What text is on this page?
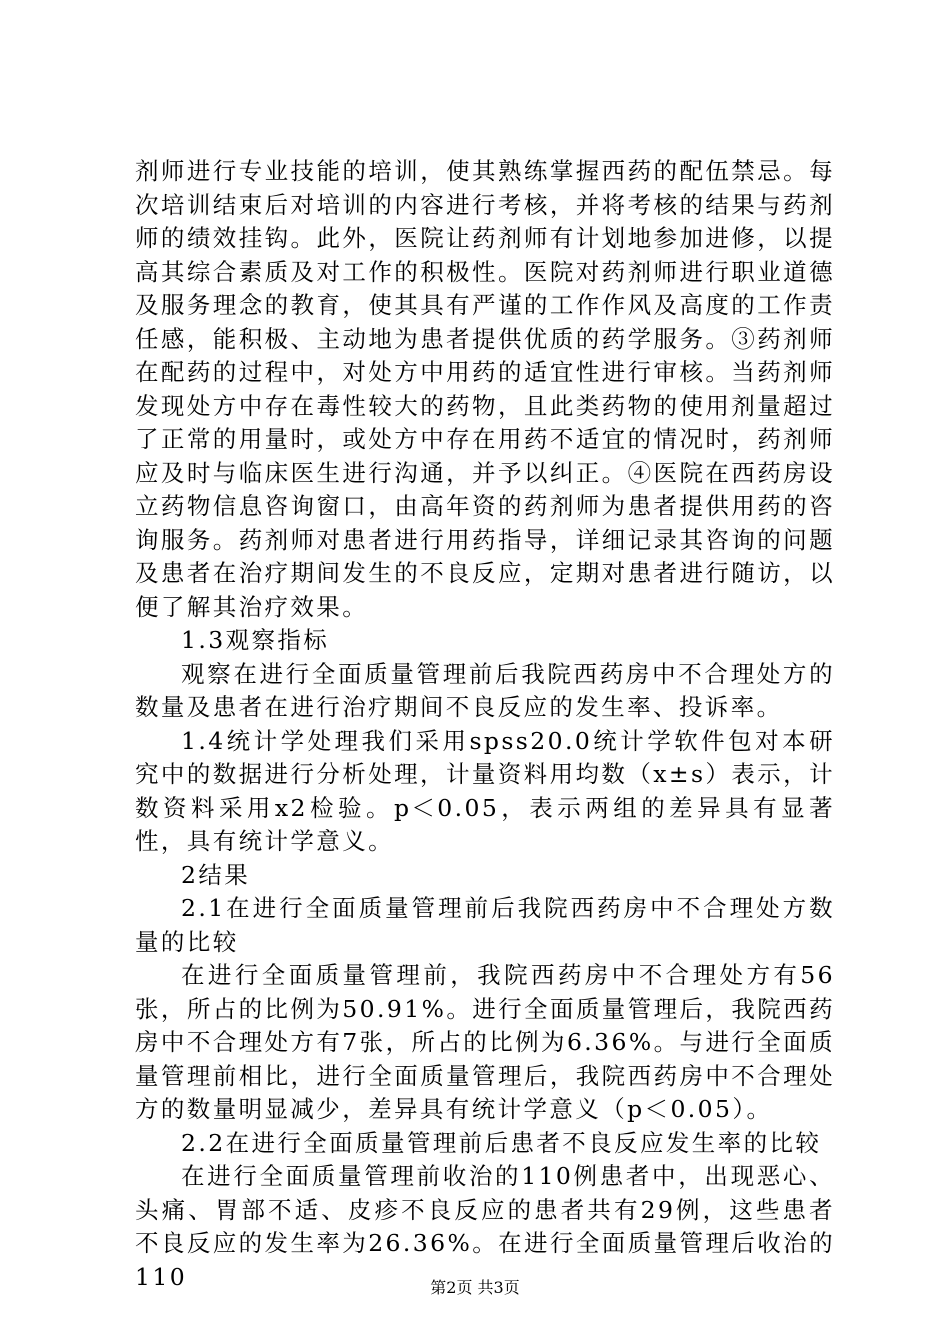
剂师进行专业技能的培训，使其熟练掌握西药的配伍禁忌。每次培训结束后对培训的内容进行考核，并将考核的结果与药剂师的绩效挂钩。此外，医院让药剂师有计划地参加进修，以提高其综合素质及对工作的积极性。医院对药剂师进行职业道德及服务理念的教育，使其具有严谨的工作作风及高度的工作责任感，能积极、主动地为患者提供优质的药学服务。③药剂师在配药的过程中，对处方中用药的适宜性进行审核。当药剂师发现处方中存在毒性较大的药物，且此类药物的使用剂量超过了正常的用量时，或处方中存在用药不适宜的情况时，药剂师应及时与临床医生进行沟通，并予以纠正。④医院在西药房设立药物信息咨询窗口，由高年资的药剂师为患者提供用药的咨询服务。药剂师对患者进行用药指导，详细记录其咨询的问题及患者在治疗期间发生的不良反应，定期对患者进行随访，以便了解其治疗效果。

1.3观察指标

观察在进行全面质量管理前后我院西药房中不合理处方的数量及患者在进行治疗期间不良反应的发生率、投诉率。

1.4统计学处理我们采用spss20.0统计学软件包对本研究中的数据进行分析处理，计量资料用均数（x±s）表示，计数资料采用x2检验。p＜0.05，表示两组的差异具有显著性，具有统计学意义。

2结果

2.1在进行全面质量管理前后我院西药房中不合理处方数量的比较

在进行全面质量管理前，我院西药房中不合理处方有56张，所占的比例为50.91%。进行全面质量管理后，我院西药房中不合理处方有7张，所占的比例为6.36%。与进行全面质量管理前相比，进行全面质量管理后，我院西药房中不合理处方的数量明显减少，差异具有统计学意义（p＜0.05）。

2.2在进行全面质量管理前后患者不良反应发生率的比较

在进行全面质量管理前收治的110例患者中，出现恶心、头痛、胃部不适、皮疹不良反应的患者共有29例，这些患者不良反应的发生率为26.36%。在进行全面质量管理后收治的110	第2页 共3页
